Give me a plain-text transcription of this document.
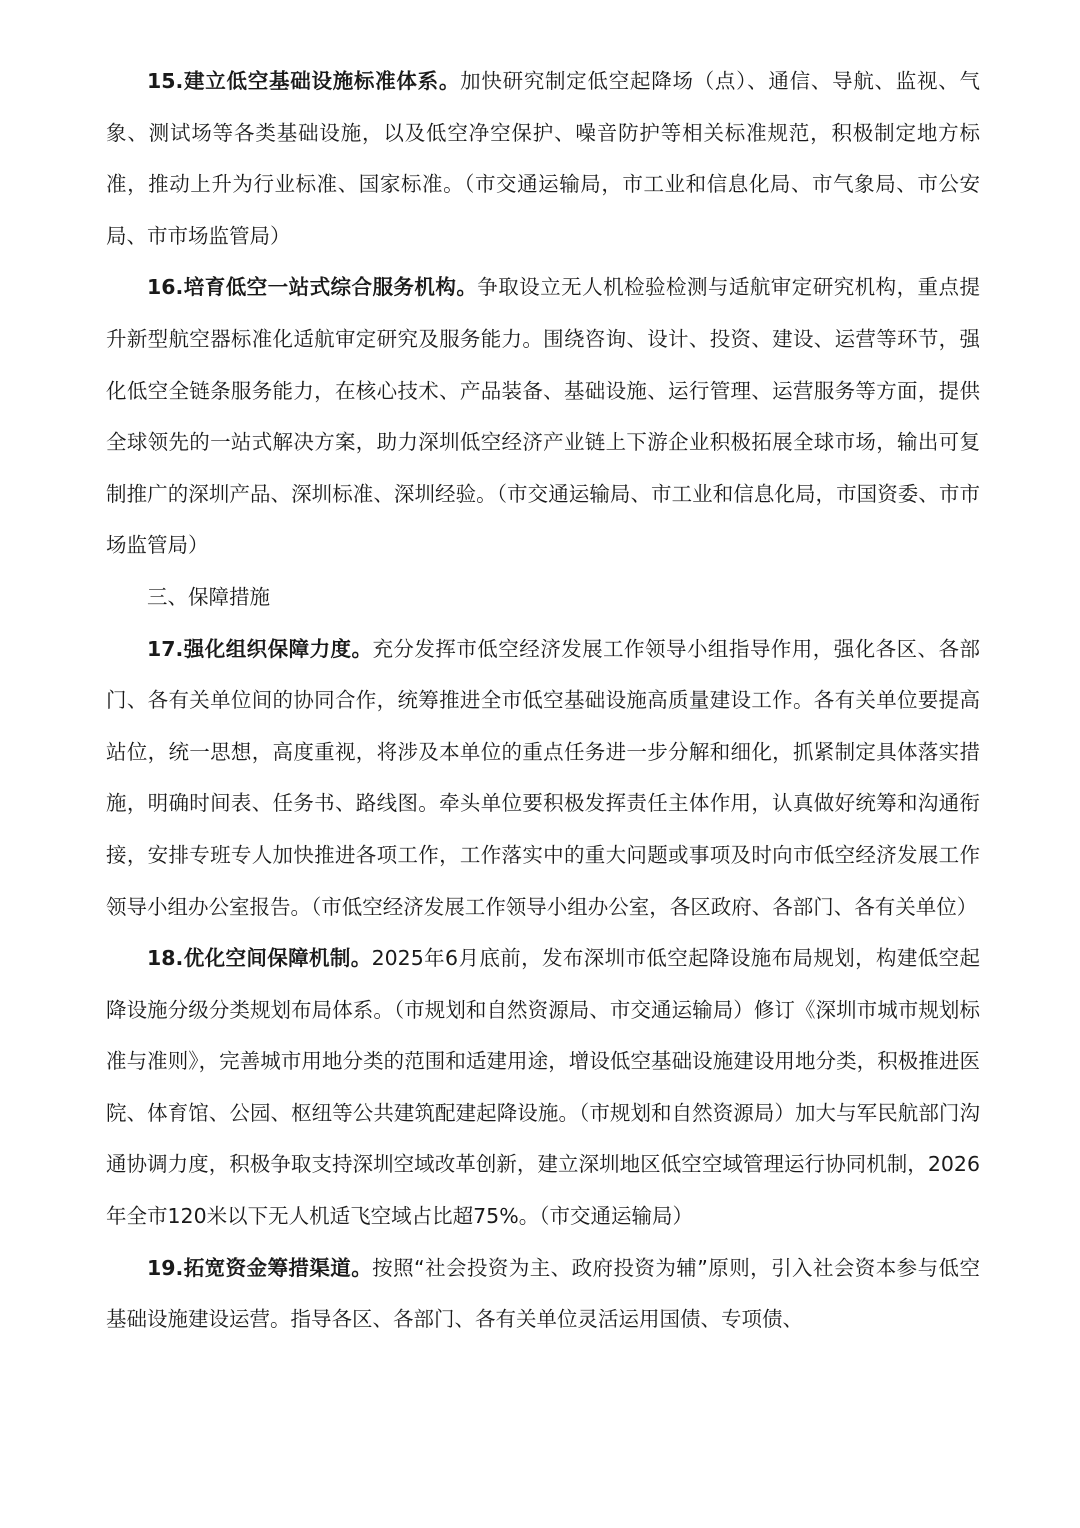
15.建立低空基础设施标准体系。加快研究制定低空起降场（点）、通信、导航、监视、气象、测试场等各类基础设施，以及低空净空保护、噪音防护等相关标准规范，积极制定地方标准，推动上升为行业标准、国家标准。（市交通运输局，市工业和信息化局、市气象局、市公安局、市市场监管局）

16.培育低空一站式综合服务机构。争取设立无人机检验检测与适航审定研究机构，重点提升新型航空器标准化适航审定研究及服务能力。围绕咨询、设计、投资、建设、运营等环节，强化低空全链条服务能力，在核心技术、产品装备、基础设施、运行管理、运营服务等方面，提供全球领先的一站式解决方案，助力深圳低空经济产业链上下游企业积极拓展全球市场，输出可复制推广的深圳产品、深圳标准、深圳经验。（市交通运输局、市工业和信息化局，市国资委、市市场监管局）

三、保障措施

17.强化组织保障力度。充分发挥市低空经济发展工作领导小组指导作用，强化各区、各部门、各有关单位间的协同合作，统筹推进全市低空基础设施高质量建设工作。各有关单位要提高站位，统一思想，高度重视，将涉及本单位的重点任务进一步分解和细化，抓紧制定具体落实措施，明确时间表、任务书、路线图。牵头单位要积极发挥责任主体作用，认真做好统筹和沟通衔接，安排专班专人加快推进各项工作，工作落实中的重大问题或事项及时向市低空经济发展工作领导小组办公室报告。（市低空经济发展工作领导小组办公室，各区政府、各部门、各有关单位）

18.优化空间保障机制。2025年6月底前，发布深圳市低空起降设施布局规划，构建低空起降设施分级分类规划布局体系。（市规划和自然资源局、市交通运输局）修订《深圳市城市规划标准与准则》，完善城市用地分类的范围和适建用途，增设低空基础设施建设用地分类，积极推进医院、体育馆、公园、枢纽等公共建筑配建起降设施。（市规划和自然资源局）加大与军民航部门沟通协调力度，积极争取支持深圳空域改革创新，建立深圳地区低空空域管理运行协同机制，2026年全市120米以下无人机适飞空域占比超75%。（市交通运输局）

19.拓宽资金筹措渠道。按照“社会投资为主、政府投资为辅”原则，引入社会资本参与低空基础设施建设运营。指导各区、各部门、各有关单位灵活运用国债、专项债、
